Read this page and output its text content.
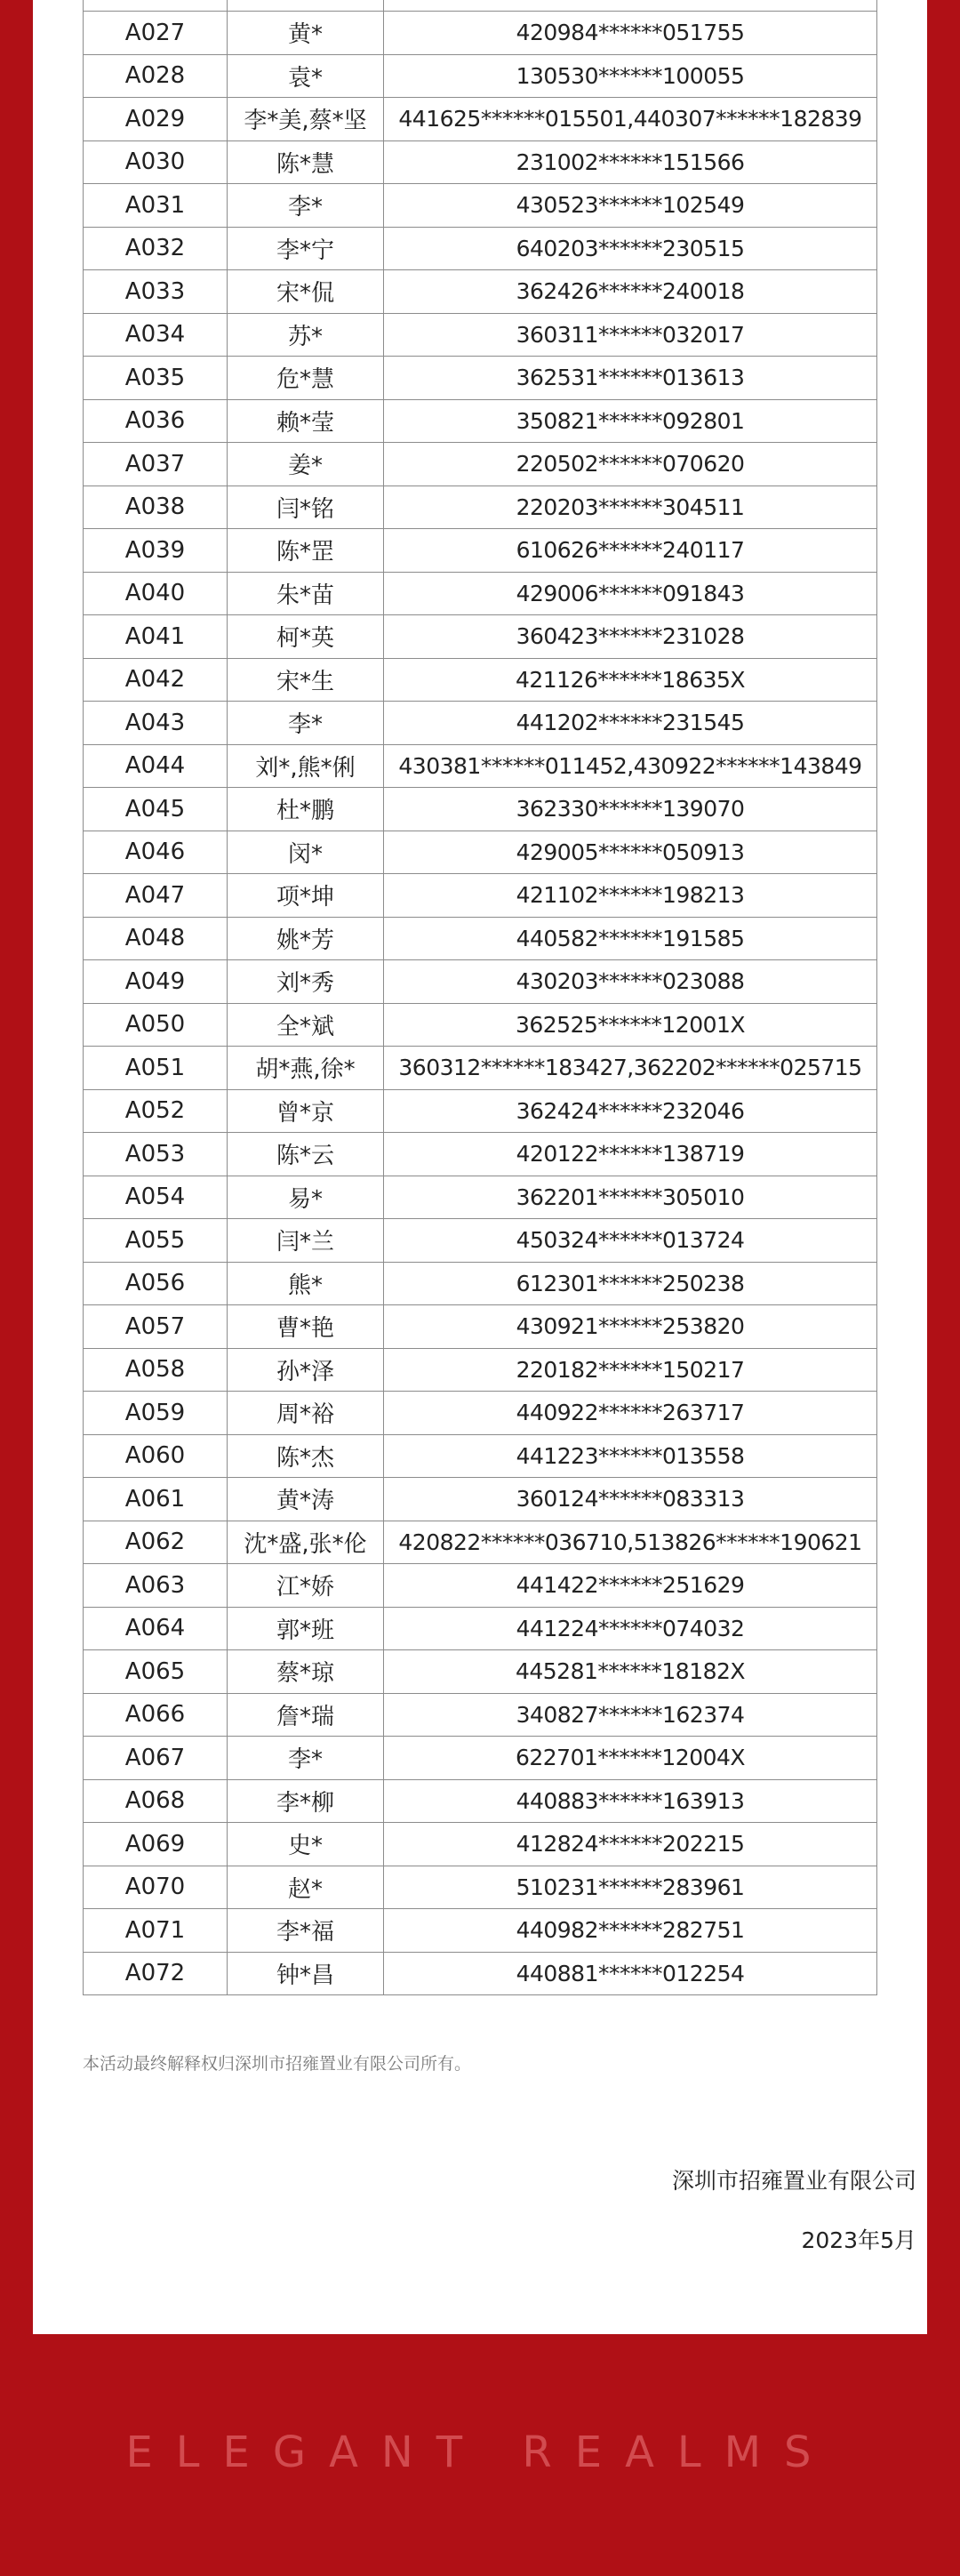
A027	黄*	420984******051755
A028	袁*	130530******100055
A029	李*美,蔡*坚	441625******015501,440307******182839
A030	陈*慧	231002******151566
A031	李*	430523******102549
A032	李*宁	640203******230515
A033	宋*侃	362426******240018
A034	苏*	360311******032017
A035	危*慧	362531******013613
A036	赖*莹	350821******092801
A037	姜*	220502******070620
A038	闫*铭	220203******304511
A039	陈*罡	610626******240117
A040	朱*苗	429006******091843
A041	柯*英	360423******231028
A042	宋*生	421126******18635X
A043	李*	441202******231545
A044	刘*,熊*俐	430381******011452,430922******143849
A045	杜*鹏	362330******139070
A046	闵*	429005******050913
A047	项*坤	421102******198213
A048	姚*芳	440582******191585
A049	刘*秀	430203******023088
A050	全*斌	362525******12001X
A051	胡*燕,徐*	360312******183427,362202******025715
A052	曾*京	362424******232046
A053	陈*云	420122******138719
A054	易*	362201******305010
A055	闫*兰	450324******013724
A056	熊*	612301******250238
A057	曹*艳	430921******253820
A058	孙*泽	220182******150217
A059	周*裕	440922******263717
A060	陈*杰	441223******013558
A061	黄*涛	360124******083313
A062	沈*盛,张*伦	420822******036710,513826******190621
A063	江*娇	441422******251629
A064	郭*班	441224******074032
A065	蔡*琼	445281******18182X
A066	詹*瑞	340827******162374
A067	李*	622701******12004X
A068	李*柳	440883******163913
A069	史*	412824******202215
A070	赵*	510231******283961
A071	李*福	440982******282751
A072	钟*昌	440881******012254
本活动最终解释权归深圳市招雍置业有限公司所有。
深圳市招雍置业有限公司
2023年5月
ELEGANT REALMS
